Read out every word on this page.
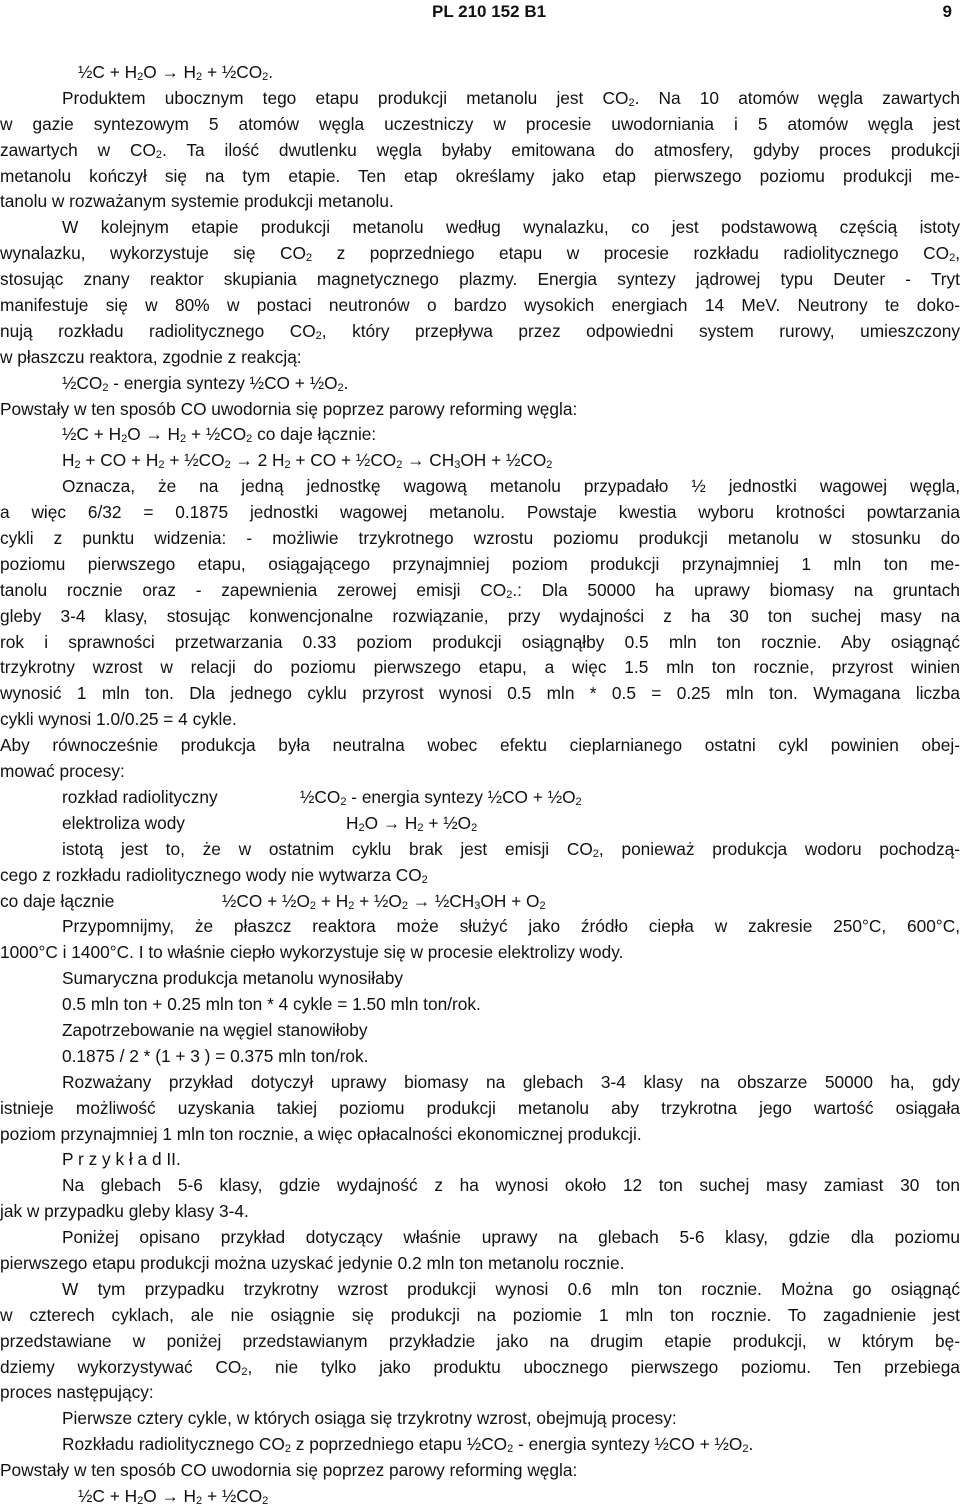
PL 210 152 B1	9
½C + $H_2O \to H_2$ + $\frac{1}{2}CO_2$.
Produktem ubocznym tego etapu produkcji metanolu jest $CO_2$. Na 10 atomów węgla zawartych
w gazie syntezowym 5 atomów węgla uczestniczy w procesie uwodorniania i 5 atomów węgla jest
zawartych w $CO_2$. Ta ilość dwutlenku węgla byłaby emitowana do atmosfery, gdyby proces produkcji
metanolu kończył się na tym etapie. Ten etap określamy jako etap pierwszego poziomu produkcji me-
tanolu w rozważanym systemie produkcji metanolu.
W kolejnym etapie produkcji metanolu według wynalazku, co jest podstawową częścią istoty
wynalazku, wykorzystuje się $CO_2$ z poprzedniego etapu w procesie rozkładu radiolitycznego $CO_2$,
stosując znany reaktor skupiania magnetycznego plazmy. Energia syntezy jądrowej typu Deuter - Tryt
manifestuje się w 80% w postaci neutronów o bardzo wysokich energiach 14 MeV. Neutrony te doko-
nują rozkładu radiolitycznego $CO_2$, który przepływa przez odpowiedni system rurowy, umieszczony
w płaszczu reaktora, zgodnie z reakcją:
$\frac{1}{2}CO_2$ - energia syntezy ½CO + $\frac{1}{2}O_2$.
Powstały w ten sposób CO uwodornia się poprzez parowy reforming węgla:
½C + $H_2O \to H_2$ + $\frac{1}{2}CO_2$ co daje łącznie:
$H_2$ + CO + $H_2$ + $\frac{1}{2}CO_2 \to 2$ $H_2$ + CO + $\frac{1}{2}CO_2 \to CH_3OH$ + $\frac{1}{2}CO_2$
Oznacza, że na jedną jednostkę wagową metanolu przypadało ½ jednostki wagowej węgla,
a więc 6/32 = 0.1875 jednostki wagowej metanolu. Powstaje kwestia wyboru krotności powtarzania
cykli z punktu widzenia: - możliwie trzykrotnego wzrostu poziomu produkcji metanolu w stosunku do
poziomu pierwszego etapu, osiągającego przynajmniej poziom produkcji przynajmniej 1 mln ton me-
tanolu rocznie oraz - zapewnienia zerowej emisji $CO_2$.: Dla 50000 ha uprawy biomasy na gruntach
gleby 3-4 klasy, stosując konwencjonalne rozwiązanie, przy wydajności z ha 30 ton suchej masy na
rok i sprawności przetwarzania 0.33 poziom produkcji osiągnąłby 0.5 mln ton rocznie. Aby osiągnąć
trzykrotny wzrost w relacji do poziomu pierwszego etapu, a więc 1.5 mln ton rocznie, przyrost winien
wynosić 1 mln ton. Dla jednego cyklu przyrost wynosi 0.5 mln * 0.5 = 0.25 mln ton. Wymagana liczba
cykli wynosi 1.0/0.25 = 4 cykle.
Aby równocześnie produkcja była neutralna wobec efektu cieplarnianego ostatni cykl powinien obej-
mować procesy:
rozkład radiolityczny	$\frac{1}{2}CO_2$ - energia syntezy ½CO + $\frac{1}{2}O_2$
elektroliza wody	$H_2O \to H_2$ + $\frac{1}{2}O_2$
istotą jest to, że w ostatnim cyklu brak jest emisji $CO_2$, ponieważ produkcja wodoru pochodzą-
cego z rozkładu radiolitycznego wody nie wytwarza $CO_2$
co daje łącznie	½CO + $\frac{1}{2}O_2 + H_2$ + $\frac{1}{2}O_2$ → $\frac{1}{2}CH_3OH + O_2$
Przypomnijmy, że płaszcz reaktora może służyć jako źródło ciepła w zakresie 250°C, 600°C,
1000°C i 1400°C. I to właśnie ciepło wykorzystuje się w procesie elektrolizy wody.
Sumaryczna produkcja metanolu wynosiłaby
0.5 mln ton + 0.25 mln ton * 4 cykle = 1.50 mln ton/rok.
Zapotrzebowanie na węgiel stanowiłoby
0.1875 / 2 * (1 + 3 ) = 0.375 mln ton/rok.
Rozważany przykład dotyczył uprawy biomasy na glebach 3-4 klasy na obszarze 50000 ha, gdy
istnieje możliwość uzyskania takiej poziomu produkcji metanolu aby trzykrotna jego wartość osiągała
poziom przynajmniej 1 mln ton rocznie, a więc opłacalności ekonomicznej produkcji.
P r z y k ł a d II.
Na glebach 5-6 klasy, gdzie wydajność z ha wynosi około 12 ton suchej masy zamiast 30 ton
jak w przypadku gleby klasy 3-4.
Poniżej opisano przykład dotyczący właśnie uprawy na glebach 5-6 klasy, gdzie dla poziomu
pierwszego etapu produkcji można uzyskać jedynie 0.2 mln ton metanolu rocznie.
W tym przypadku trzykrotny wzrost produkcji wynosi 0.6 mln ton rocznie. Można go osiągnąć
w czterech cyklach, ale nie osiągnie się produkcji na poziomie 1 mln ton rocznie. To zagadnienie jest
przedstawiane w poniżej przedstawianym przykładzie jako na drugim etapie produkcji, w którym bę-
dziemy wykorzystywać $CO_2$, nie tylko jako produktu ubocznego pierwszego poziomu. Ten przebiega
proces następujący:
Pierwsze cztery cykle, w których osiąga się trzykrotny wzrost, obejmują procesy:
Rozkładu radiolitycznego $CO_2$ z poprzedniego etapu $\frac{1}{2}CO_2$ - energia syntezy ½CO + $\frac{1}{2}O_2$.
Powstały w ten sposób CO uwodornia się poprzez parowy reforming węgla:
½C + $H_2O \to H_2$ + $\frac{1}{2}CO_2$
